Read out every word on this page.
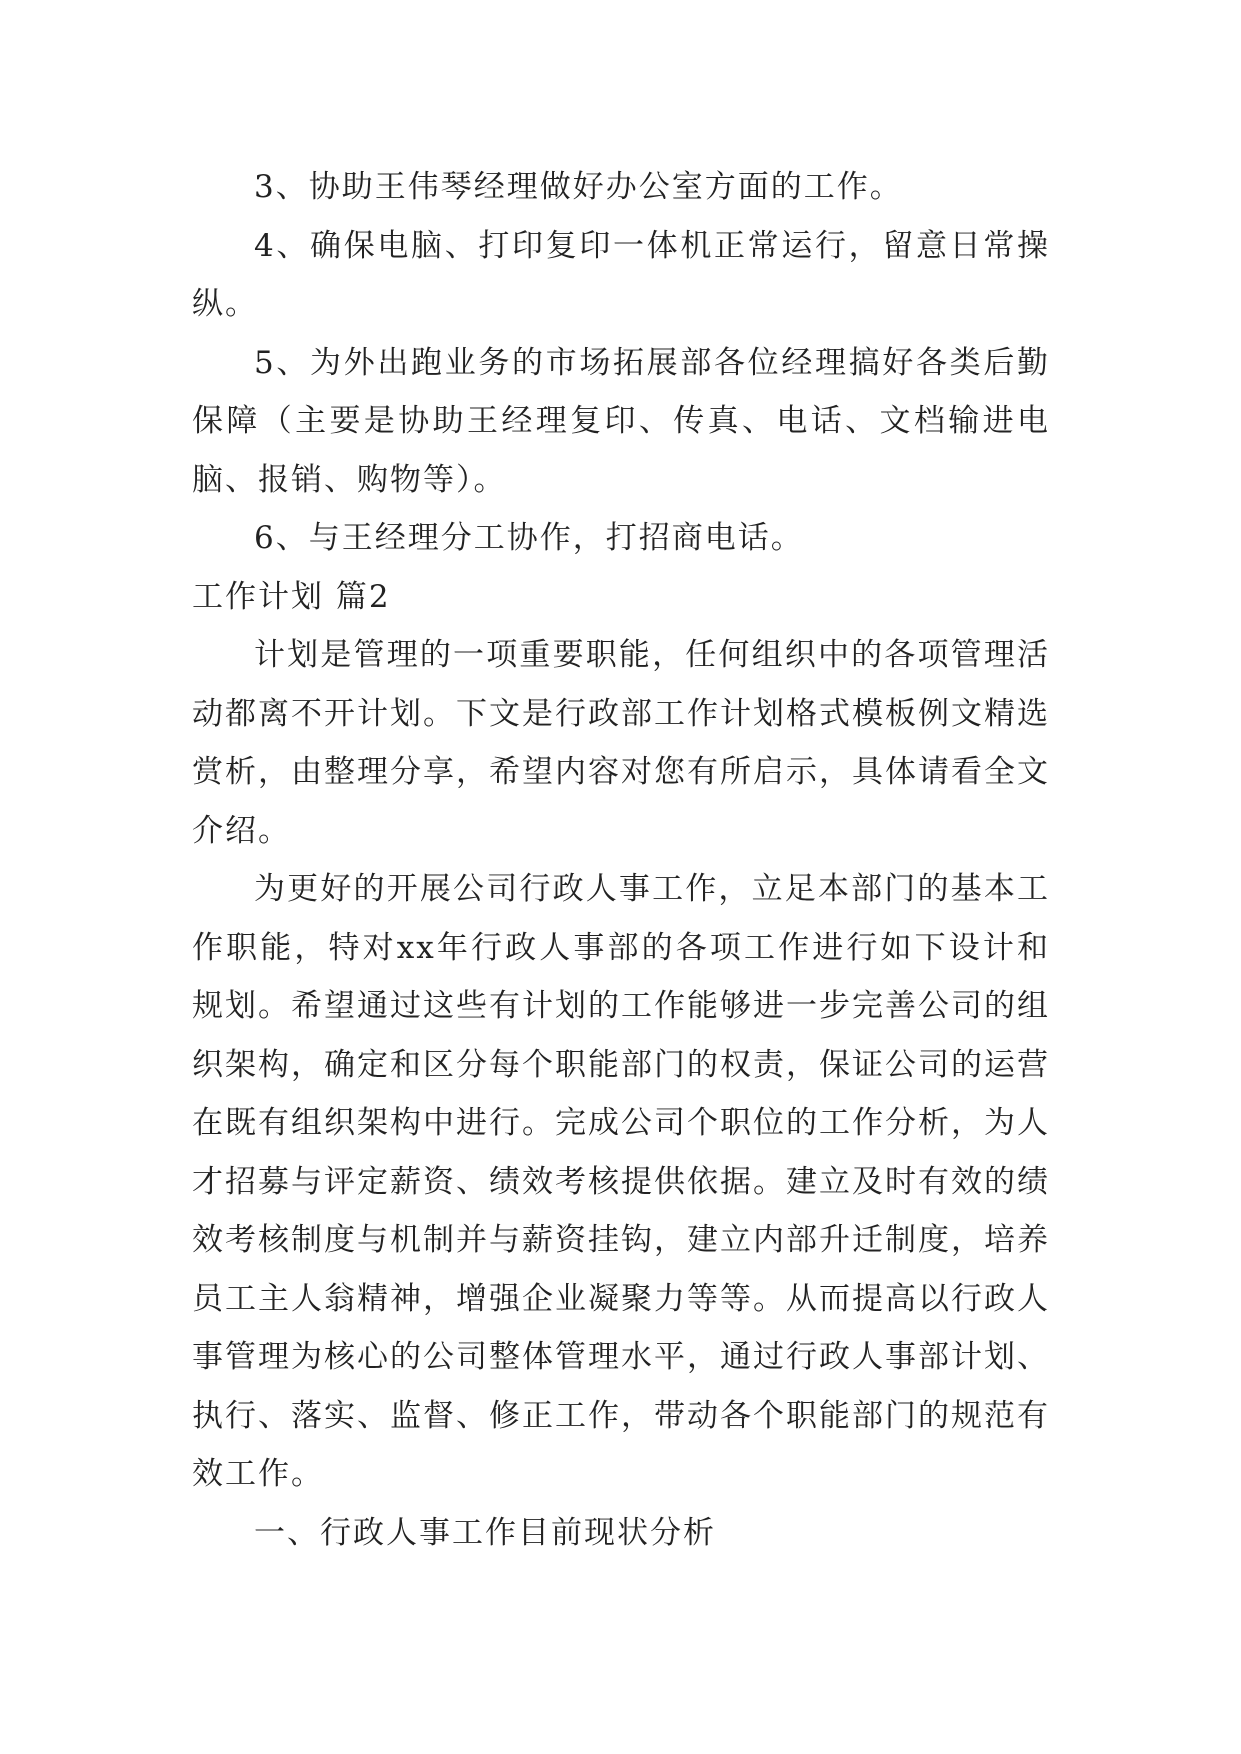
3、协助王伟琴经理做好办公室方面的工作。

4、确保电脑、打印复印一体机正常运行，留意日常操纵。

5、为外出跑业务的市场拓展部各位经理搞好各类后勤保障（主要是协助王经理复印、传真、电话、文档输进电脑、报销、购物等）。

6、与王经理分工协作，打招商电话。

工作计划 篇2

计划是管理的一项重要职能，任何组织中的各项管理活动都离不开计划。下文是行政部工作计划格式模板例文精选赏析，由整理分享，希望内容对您有所启示，具体请看全文介绍。

为更好的开展公司行政人事工作，立足本部门的基本工作职能，特对xx年行政人事部的各项工作进行如下设计和规划。希望通过这些有计划的工作能够进一步完善公司的组织架构，确定和区分每个职能部门的权责，保证公司的运营在既有组织架构中进行。完成公司个职位的工作分析，为人才招募与评定薪资、绩效考核提供依据。建立及时有效的绩效考核制度与机制并与薪资挂钩，建立内部升迁制度，培养员工主人翁精神，增强企业凝聚力等等。从而提高以行政人事管理为核心的公司整体管理水平，通过行政人事部计划、执行、落实、监督、修正工作，带动各个职能部门的规范有效工作。

一、行政人事工作目前现状分析
